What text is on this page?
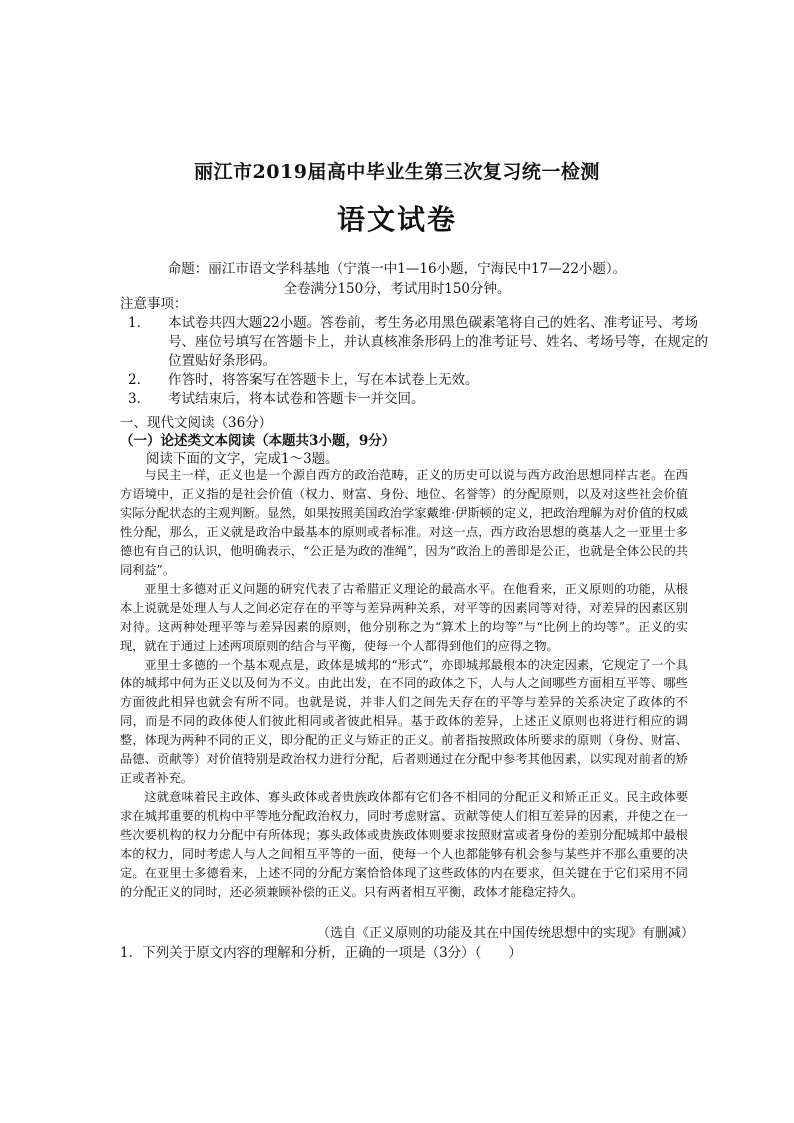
丽江市2019届高中毕业生第三次复习统一检测
语文试卷
命题：丽江市语文学科基地（宁蒗一中1—16小题，宁海民中17—22小题）。
全卷满分150分，考试用时150分钟。
注意事项：
1． 本试卷共四大题22小题。答卷前，考生务必用黑色碳素笔将自己的姓名、准考证号、考场号、座位号填写在答题卡上，并认真核准条形码上的准考证号、姓名、考场号等，在规定的位置贴好条形码。
2． 作答时，将答案写在答题卡上，写在本试卷上无效。
3． 考试结束后，将本试卷和答题卡一并交回。
一、现代文阅读（36分）
（一）论述类文本阅读（本题共3小题，9分）
阅读下面的文字，完成1～3题。

与民主一样，正义也是一个源自西方的政治范畴，正义的历史可以说与西方政治思想同样古老。在西方语境中，正义指的是社会价值（权力、财富、身份、地位、名誉等）的分配原则，以及对这些社会价值实际分配状态的主观判断。显然，如果按照美国政治学家戴维·伊斯顿的定义，把政治理解为对价值的权威性分配，那么，正义就是政治中最基本的原则或者标准。对这一点，西方政治思想的奠基人之一亚里士多德也有自己的认识，他明确表示，“公正是为政的准绳”，因为“政治上的善即是公正，也就是全体公民的共同利益”。

亚里士多德对正义问题的研究代表了古希腊正义理论的最高水平。在他看来，正义原则的功能，从根本上说就是处理人与人之间必定存在的平等与差异两种关系，对平等的因素同等对待，对差异的因素区别对待。这两种处理平等与差异因素的原则，他分别称之为“算术上的均等”与“比例上的均等”。正义的实现，就在于通过上述两项原则的结合与平衡，使每一个人都得到他们的应得之物。

亚里士多德的一个基本观点是，政体是城邦的“形式”，亦即城邦最根本的决定因素，它规定了一个具体的城邦中何为正义以及何为不义。由此出发，在不同的政体之下，人与人之间哪些方面相互平等、哪些方面彼此相异也就会有所不同。也就是说，并非人们之间先天存在的平等与差异的关系决定了政体的不同，而是不同的政体使人们彼此相同或者彼此相异。基于政体的差异，上述正义原则也将进行相应的调整，体现为两种不同的正义，即分配的正义与矫正的正义。前者指按照政体所要求的原则（身份、财富、品德、贡献等）对价值特别是政治权力进行分配，后者则通过在分配中参考其他因素，以实现对前者的矫正或者补充。

这就意味着民主政体、寡头政体或者贵族政体都有它们各不相同的分配正义和矫正正义。民主政体要求在城邦重要的机构中平等地分配政治权力，同时考虑财富、贡献等使人们相互差异的因素，并使之在一些次要机构的权力分配中有所体现；寡头政体或贵族政体则要求按照财富或者身份的差别分配城邦中最根本的权力，同时考虑人与人之间相互平等的一面，使每一个人也都能够有机会参与某些并不那么重要的决定。在亚里士多德看来，上述不同的分配方案恰恰体现了这些政体的内在要求，但关键在于它们采用不同的分配正义的同时，还必须兼顾补偿的正义。只有两者相互平衡，政体才能稳定持久。

（选自《正义原则的功能及其在中国传统思想中的实现》有删减）
1．下列关于原文内容的理解和分析，正确的一项是（3分）（　　）
